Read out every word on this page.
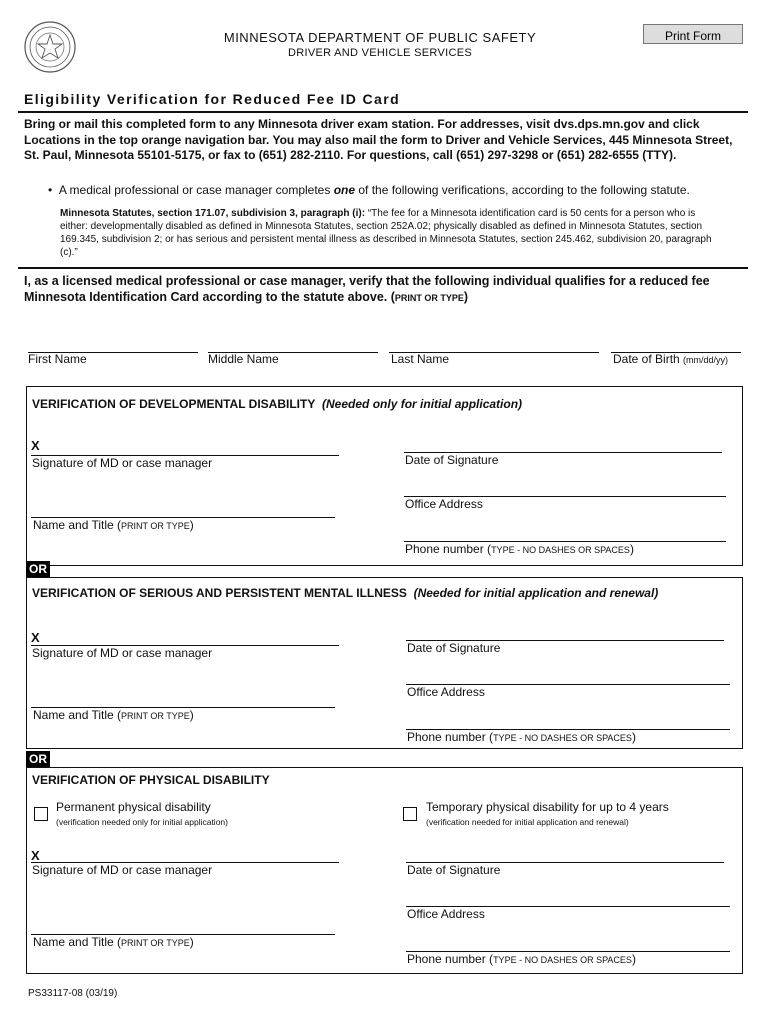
MINNESOTA DEPARTMENT OF PUBLIC SAFETY
DRIVER AND VEHICLE SERVICES
Print Form
Eligibility Verification for Reduced Fee ID Card
Bring or mail this completed form to any Minnesota driver exam station. For addresses, visit dvs.dps.mn.gov and click Locations in the top orange navigation bar. You may also mail the form to Driver and Vehicle Services, 445 Minnesota Street, St. Paul, Minnesota 55101-5175, or fax to (651) 282-2110. For questions, call (651) 297-3298 or (651) 282-6555 (TTY).
•  A medical professional or case manager completes one of the following verifications, according to the following statute.
Minnesota Statutes, section 171.07, subdivision 3, paragraph (i): “The fee for a Minnesota identification card is 50 cents for a person who is either: developmentally disabled as defined in Minnesota Statutes, section 252A.02; physically disabled as defined in Minnesota Statutes, section 169.345, subdivision 2; or has serious and persistent mental illness as described in Minnesota Statutes, section 245.462, subdivision 20, paragraph (c).”
I, as a licensed medical professional or case manager, verify that the following individual qualifies for a reduced fee Minnesota Identification Card according to the statute above. (PRINT OR TYPE)
First Name	Middle Name	Last Name	Date of Birth (mm/dd/yy)
VERIFICATION OF DEVELOPMENTAL DISABILITY (Needed only for initial application)
X
Signature of MD or case manager
Name and Title (PRINT OR TYPE)
Date of Signature
Office Address
Phone number (TYPE - NO DASHES OR SPACES)
OR
VERIFICATION OF SERIOUS AND PERSISTENT MENTAL ILLNESS (Needed for initial application and renewal)
X
Signature of MD or case manager
Name and Title (PRINT OR TYPE)
Date of Signature
Office Address
Phone number (TYPE - NO DASHES OR SPACES)
OR
VERIFICATION OF PHYSICAL DISABILITY
Permanent physical disability
(verification needed only for initial application)
Temporary physical disability for up to 4 years
(verification needed for initial application and renewal)
X
Signature of MD or case manager
Name and Title (PRINT OR TYPE)
Date of Signature
Office Address
Phone number (TYPE - NO DASHES OR SPACES)
PS33117-08 (03/19)
